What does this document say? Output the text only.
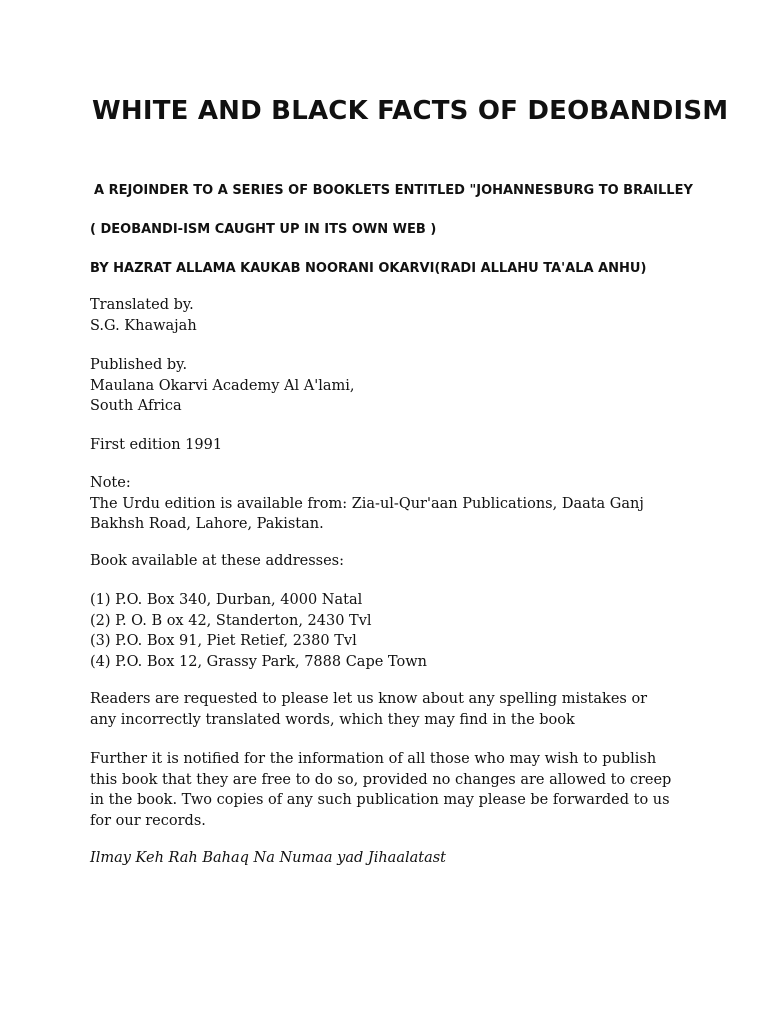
WHITE AND BLACK FACTS OF DEOBANDISM
A REJOINDER TO A SERIES OF BOOKLETS ENTITLED "JOHANNESBURG TO BRAILLEY
( DEOBANDI-ISM CAUGHT UP IN ITS OWN WEB )
BY HAZRAT ALLAMA KAUKAB NOORANI OKARVI(RADI ALLAHU TA'ALA ANHU)
Translated by.
S.G. Khawajah
Published by.
Maulana Okarvi Academy Al A'lami,
South Africa
First edition 1991
Note:
The Urdu edition is available from: Zia-ul-Qur'aan Publications, Daata Ganj
Bakhsh Road, Lahore, Pakistan.
Book available at these addresses:
(1) P.O. Box 340, Durban, 4000 Natal
(2) P. O. B ox 42, Standerton, 2430 Tvl
(3) P.O. Box 91, Piet Retief, 2380 Tvl
(4) P.O. Box 12, Grassy Park, 7888 Cape Town
Readers are requested to please let us know about any spelling mistakes or
any incorrectly translated words, which they may find in the book
Further it is notified for the information of all those who may wish to publish
this book that they are free to do so, provided no changes are allowed to creep
in the book. Two copies of any such publication may please be forwarded to us
for our records.
Ilmay Keh Rah Bahaq Na Numaa yad Jihaalatast
